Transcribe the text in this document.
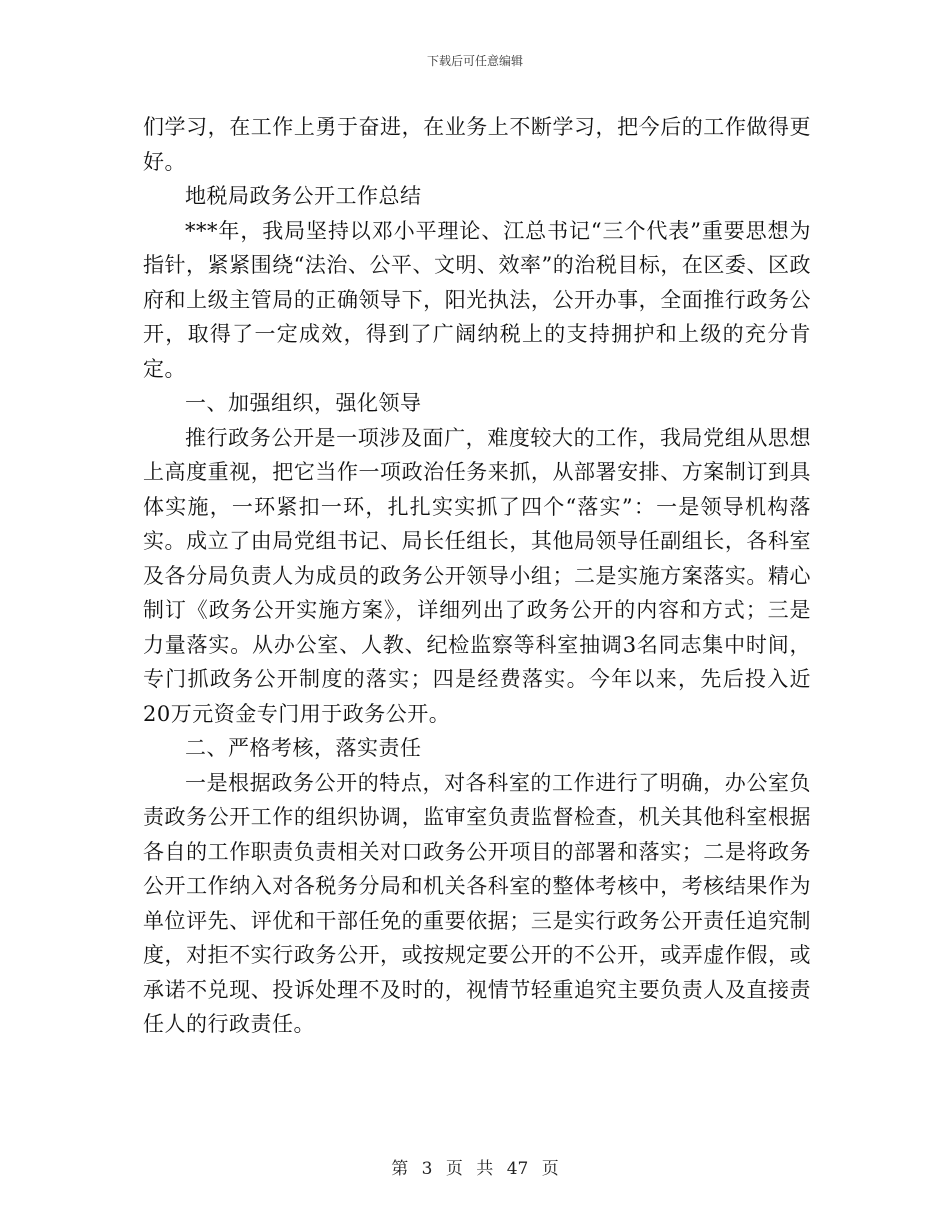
下载后可任意编辑

们学习，在工作上勇于奋进，在业务上不断学习，把今后的工作做得更好。

地税局政务公开工作总结

***年，我局坚持以邓小平理论、江总书记“三个代表”重要思想为指针，紧紧围绕“法治、公平、文明、效率”的治税目标，在区委、区政府和上级主管局的正确领导下，阳光执法，公开办事，全面推行政务公开，取得了一定成效，得到了广阔纳税上的支持拥护和上级的充分肯定。

一、加强组织，强化领导

推行政务公开是一项涉及面广，难度较大的工作，我局党组从思想上高度重视，把它当作一项政治任务来抓，从部署安排、方案制订到具体实施，一环紧扣一环，扎扎实实抓了四个“落实”：一是领导机构落实。成立了由局党组书记、局长任组长，其他局领导任副组长，各科室及各分局负责人为成员的政务公开领导小组；二是实施方案落实。精心制订《政务公开实施方案》，详细列出了政务公开的内容和方式；三是力量落实。从办公室、人教、纪检监察等科室抽调3名同志集中时间，专门抓政务公开制度的落实；四是经费落实。今年以来，先后投入近20万元资金专门用于政务公开。

二、严格考核，落实责任

一是根据政务公开的特点，对各科室的工作进行了明确，办公室负责政务公开工作的组织协调，监审室负责监督检查，机关其他科室根据各自的工作职责负责相关对口政务公开项目的部署和落实；二是将政务公开工作纳入对各税务分局和机关各科室的整体考核中，考核结果作为单位评先、评优和干部任免的重要依据；三是实行政务公开责任追究制度，对拒不实行政务公开，或按规定要公开的不公开，或弄虚作假，或承诺不兑现、投诉处理不及时的，视情节轻重追究主要负责人及直接责任人的行政责任。

第 3 页 共 47 页
